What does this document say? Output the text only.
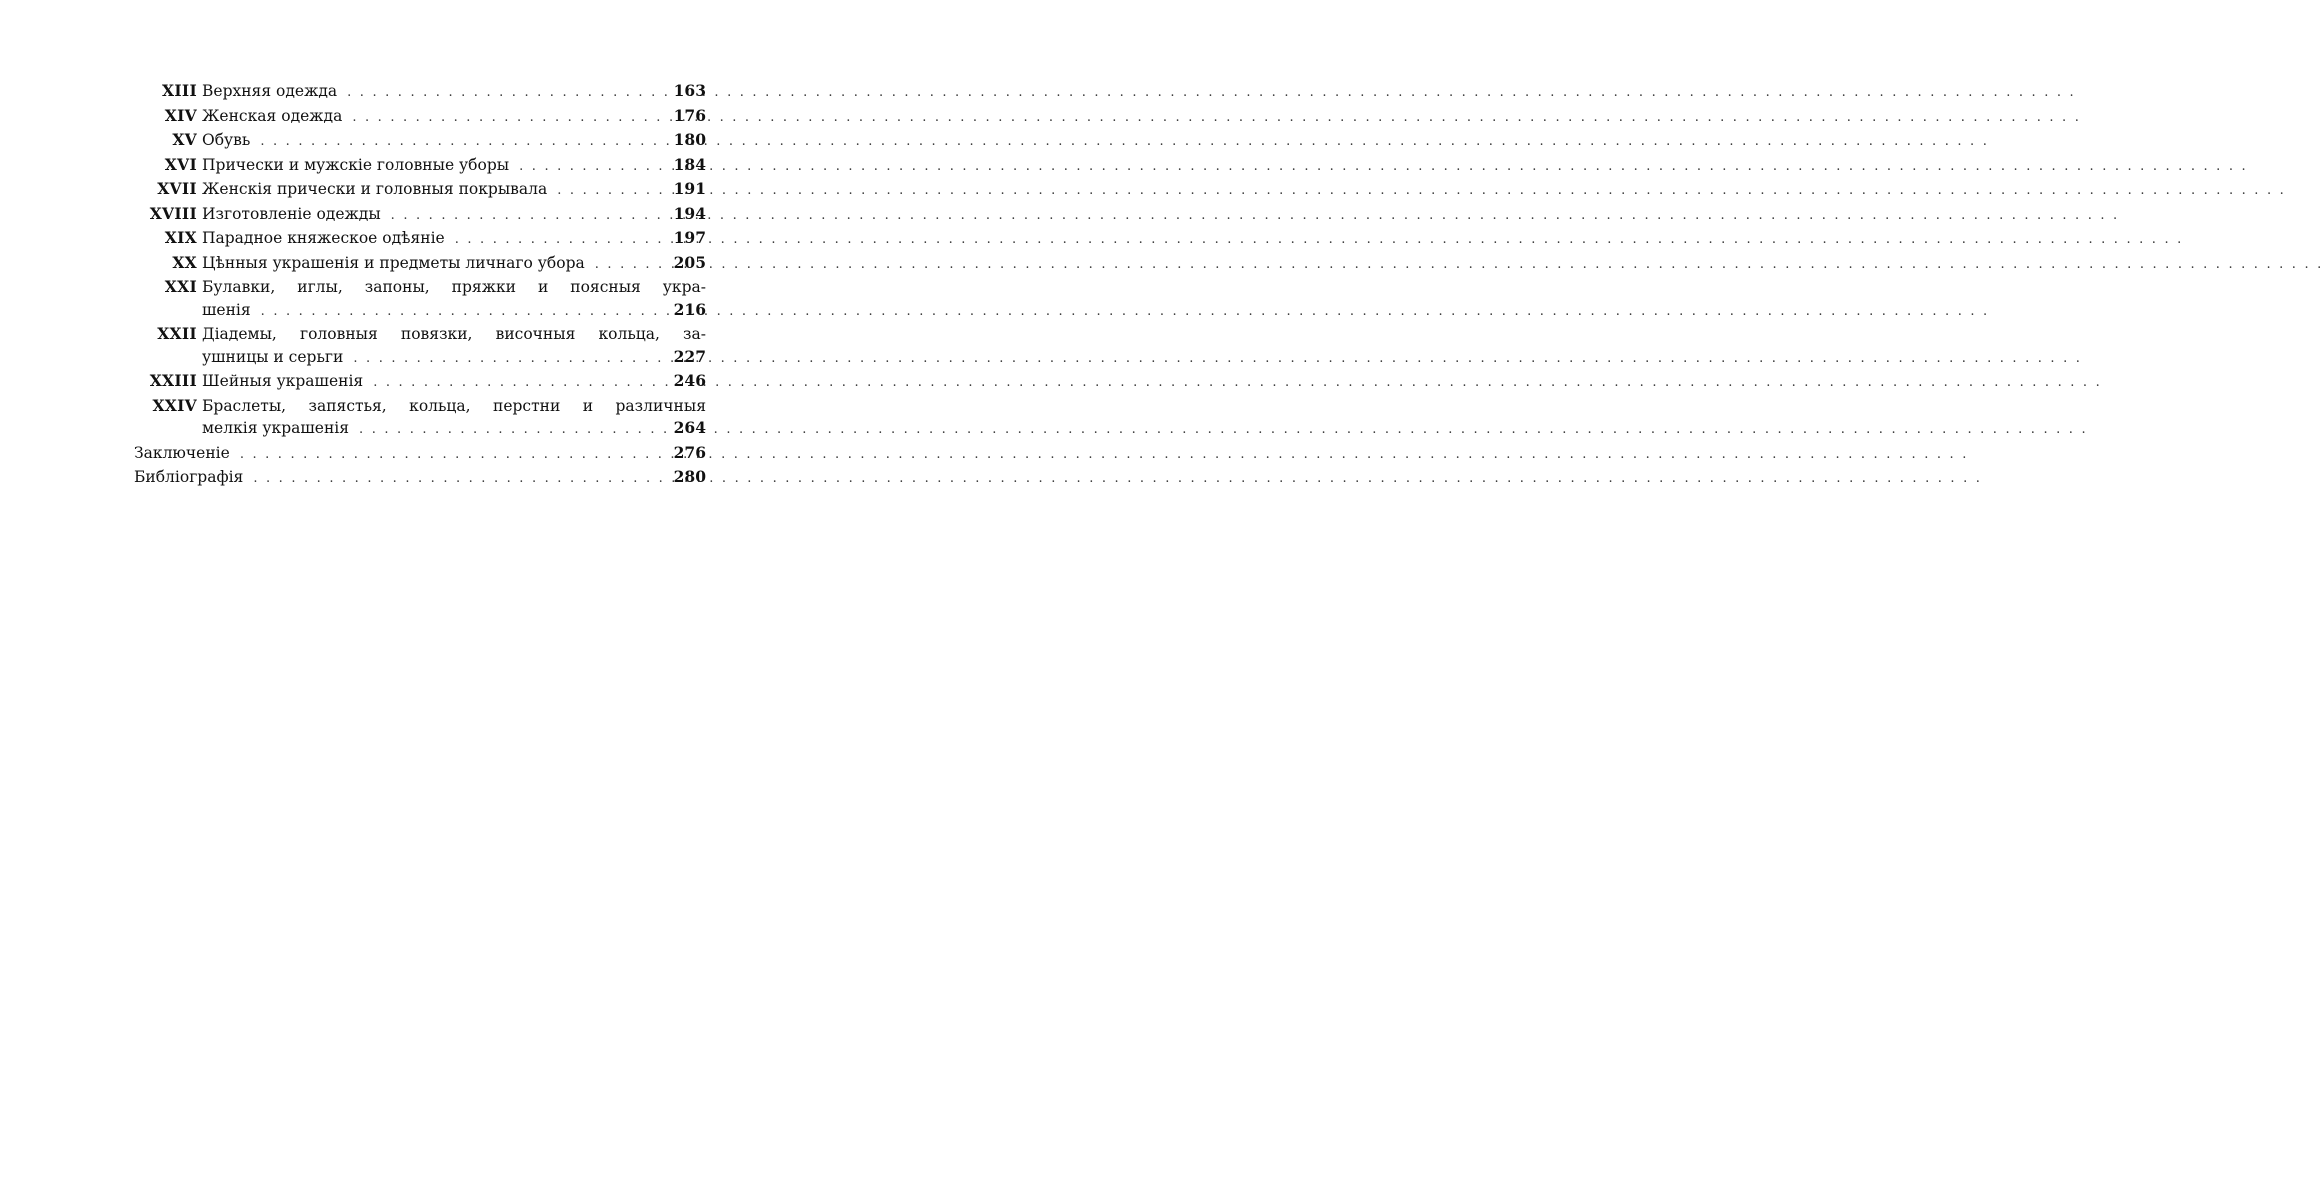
XIII Верхняя одежда . . .	163
XIV Женская одежда . . .	176
XV Обувь . . .	180
XVI Прически и мужскіе головные уборы . . .	184
XVII Женскія прически и головныя покрывала . . .	191
XVIII Изготовленіе одежды . . .	194
XIX Парадное княжеское одѣяніе . . .	197
XX Цѣнныя украшенія и предметы личнаго убора . . .	205
XXI Булавки, иглы, запоны, пряжки и поясныя укра-
шенія . . .	216
XXII Діадемы, головныя повязки, височныя кольца, за-
ушницы и серьги . . .	227
XXIII Шейныя украшенія . . .	246
XXIV Браслеты, запястья, кольца, перстни и различныя
мелкія украшенія . . .	264
Заключеніе . . .	276
Библіографія . . .	280
